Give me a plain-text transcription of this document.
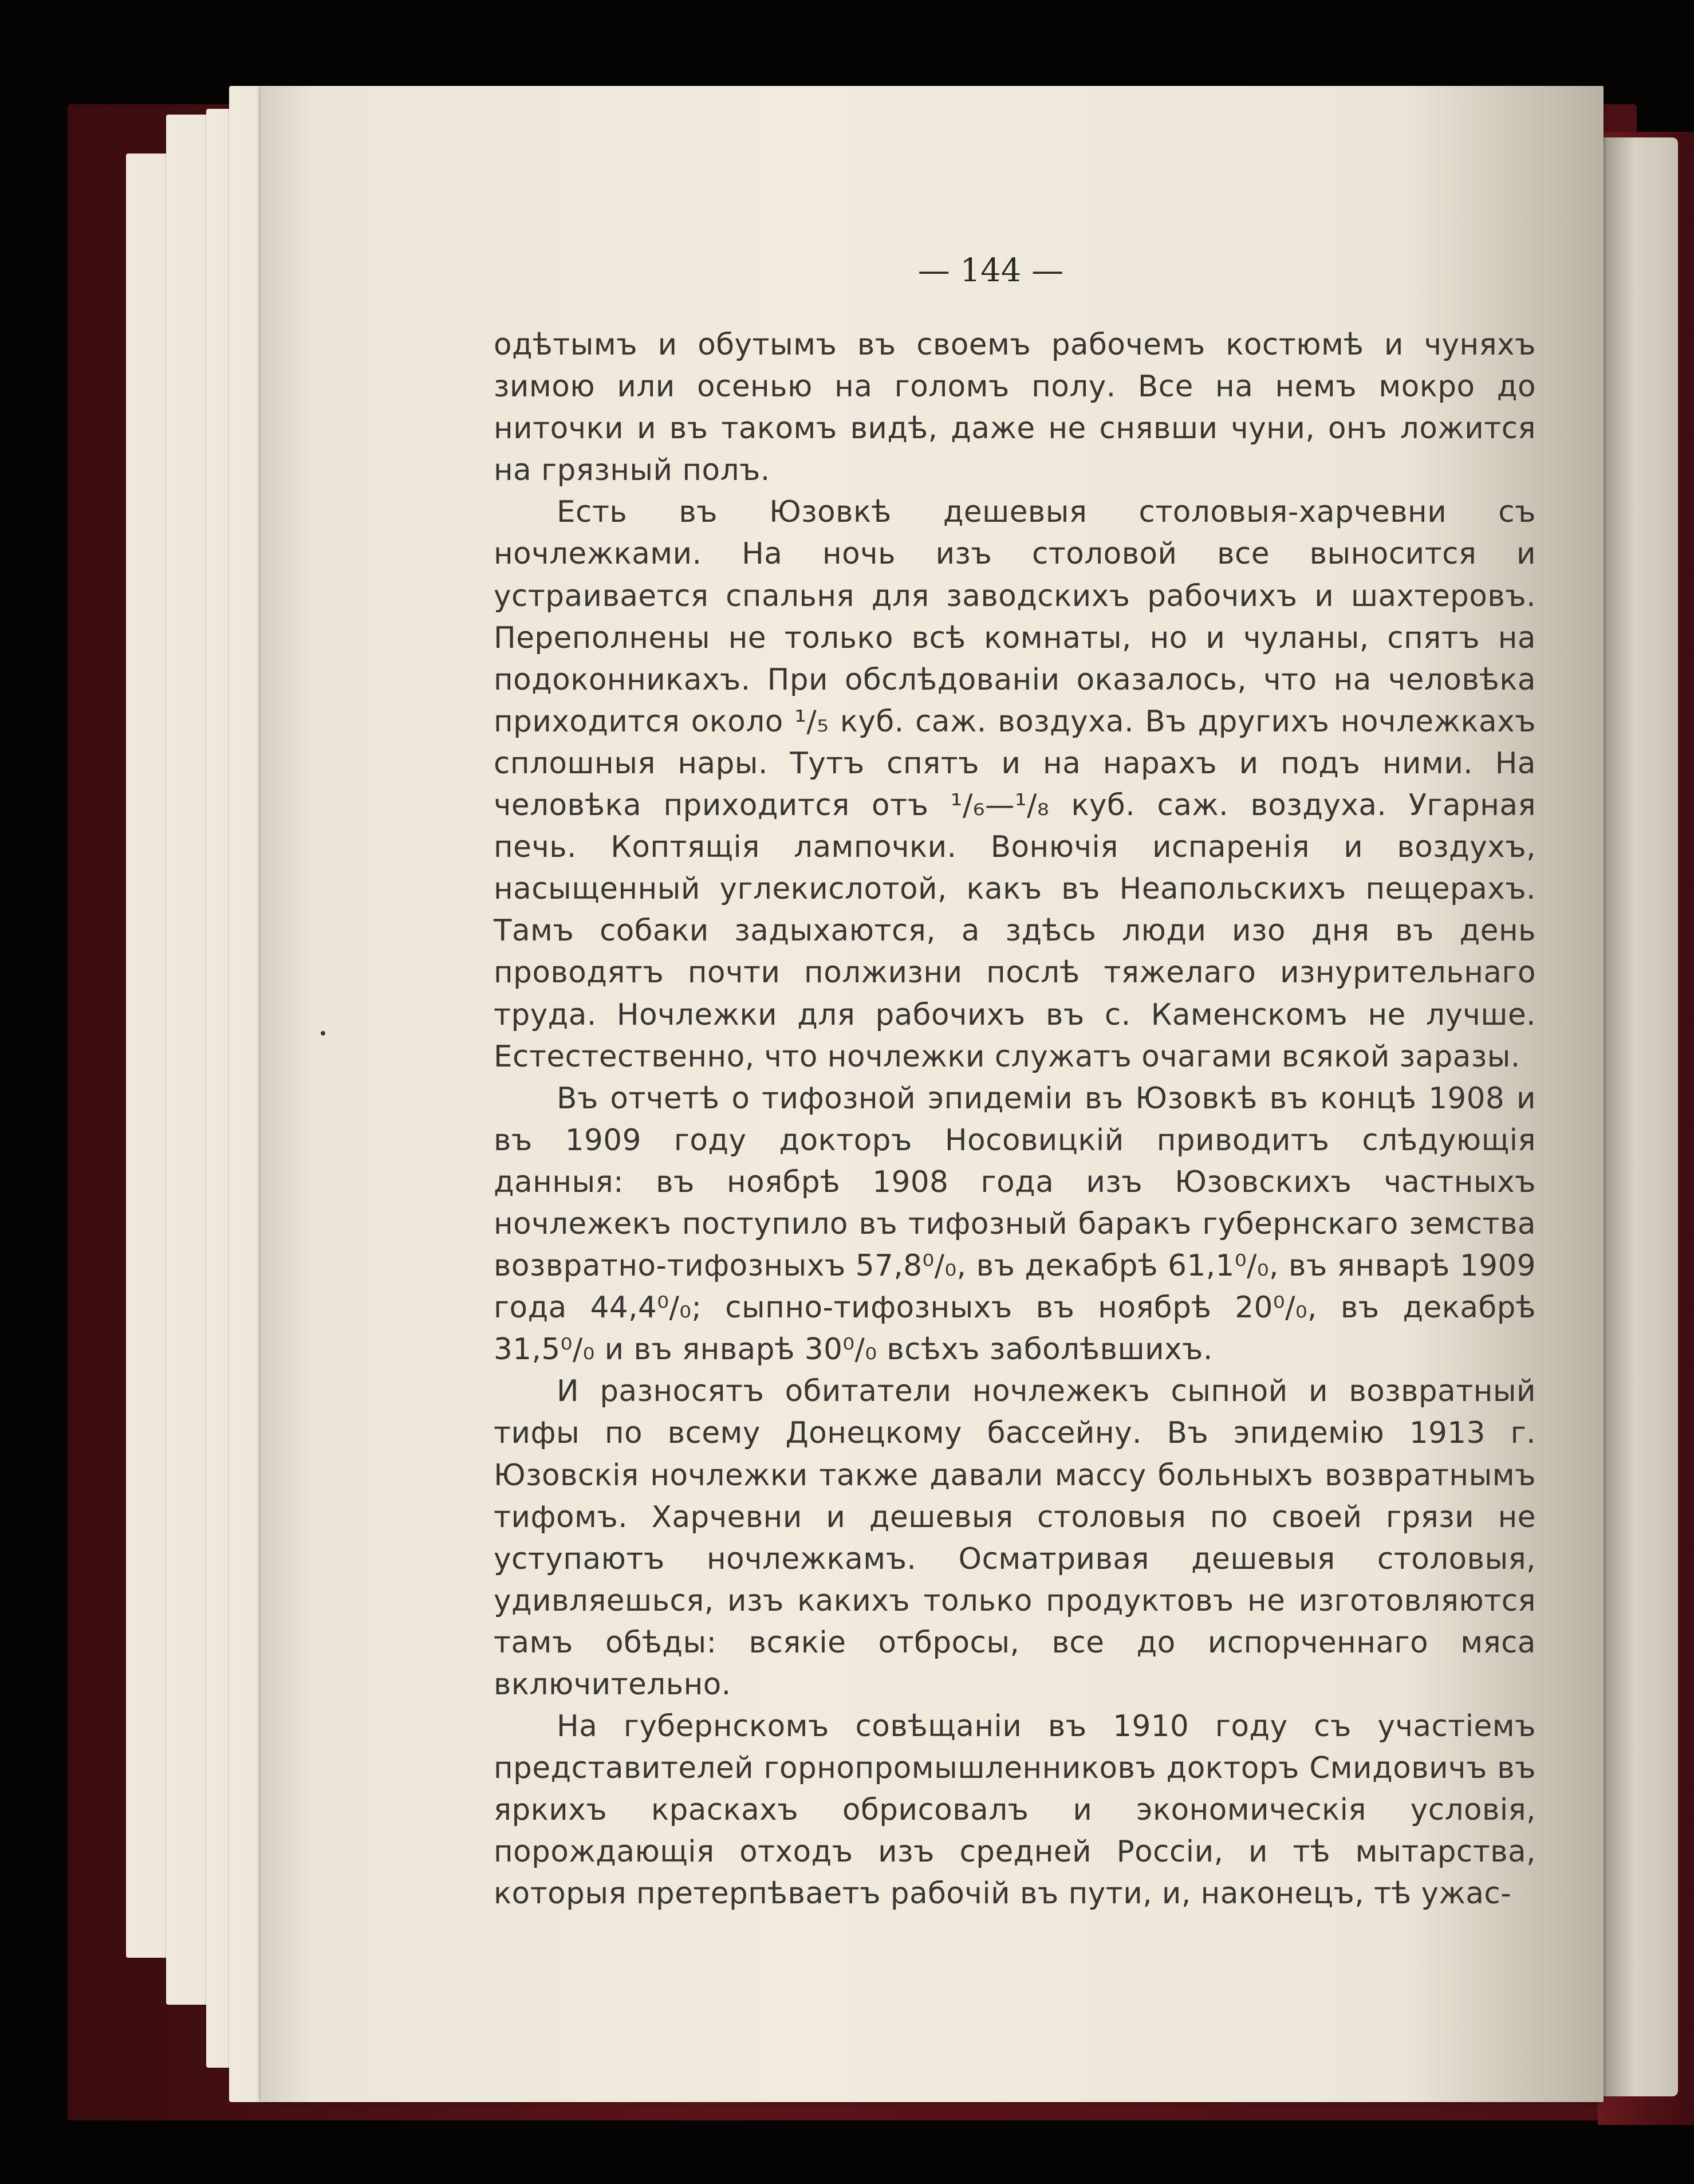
— 144 —

одѣтымъ и обутымъ въ своемъ рабочемъ костюмѣ и чуняхъ зимою или осенью на голомъ полу. Все на немъ мокро до ниточки и въ такомъ видѣ, даже не снявши чуни, онъ ложится на грязный полъ.

Есть въ Юзовкѣ дешевыя столовыя-харчевни съ ночлежками. На ночь изъ столовой все выносится и устраивается спальня для заводскихъ рабочихъ и шахтеровъ. Переполнены не только всѣ комнаты, но и чуланы, спятъ на подоконникахъ. При обслѣдованіи оказалось, что на человѣка приходится около ¹/₅ куб. саж. воздуха. Въ другихъ ночлежкахъ сплошныя нары. Тутъ спятъ и на нарахъ и подъ ними. На человѣка приходится отъ ¹/₆—¹/₈ куб. саж. воздуха. Угарная печь. Коптящія лампочки. Вонючія испаренія и воздухъ, насыщенный углекислотой, какъ въ Неапольскихъ пещерахъ. Тамъ собаки задыхаются, а здѣсь люди изо дня въ день проводятъ почти полжизни послѣ тяжелаго изнурительнаго труда. Ночлежки для рабочихъ въ с. Каменскомъ не лучше. Естестественно, что ночлежки служатъ очагами всякой заразы.

Въ отчетѣ о тифозной эпидеміи въ Юзовкѣ въ концѣ 1908 и въ 1909 году докторъ Носовицкій приводитъ слѣдующія данныя: въ ноябрѣ 1908 года изъ Юзовскихъ частныхъ ночлежекъ поступило въ тифозный баракъ губернскаго земства возвратно-тифозныхъ 57,8⁰/₀, въ декабрѣ 61,1⁰/₀, въ январѣ 1909 года 44,4⁰/₀; сыпно-тифозныхъ въ ноябрѣ 20⁰/₀, въ декабрѣ 31,5⁰/₀ и въ январѣ 30⁰/₀ всѣхъ заболѣвшихъ.

И разносятъ обитатели ночлежекъ сыпной и возвратный тифы по всему Донецкому бассейну. Въ эпидемію 1913 г. Юзовскія ночлежки также давали массу больныхъ возвратнымъ тифомъ. Харчевни и дешевыя столовыя по своей грязи не уступаютъ ночлежкамъ. Осматривая дешевыя столовыя, удивляешься, изъ какихъ только продуктовъ не изготовляются тамъ обѣды: всякіе отбросы, все до испорченнаго мяса включительно.

На губернскомъ совѣщаніи въ 1910 году съ участіемъ представителей горнопромышленниковъ докторъ Смидовичъ въ яркихъ краскахъ обрисовалъ и экономическія условія, порождающія отходъ изъ средней Россіи, и тѣ мытарства, которыя претерпѣваетъ рабочій въ пути, и, наконецъ, тѣ ужас-
